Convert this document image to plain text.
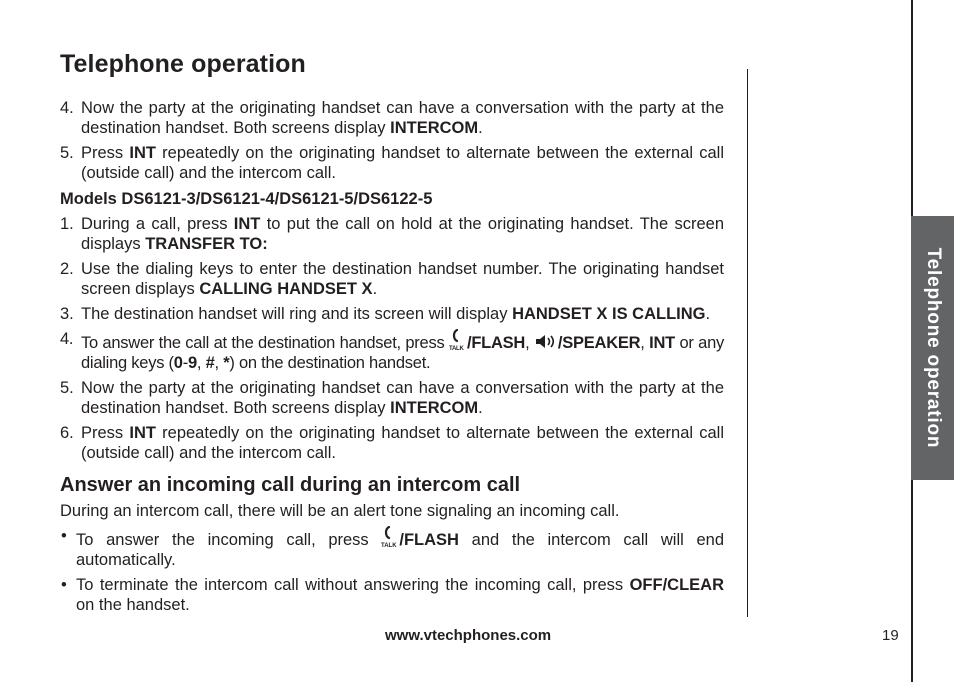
Telephone operation
4. Now the party at the originating handset can have a conversation with the party at the destination handset. Both screens display INTERCOM.
5. Press INT repeatedly on the originating handset to alternate between the external call (outside call) and the intercom call.
Models DS6121-3/DS6121-4/DS6121-5/DS6122-5
1. During a call, press INT to put the call on hold at the originating handset. The screen displays TRANSFER TO:
2. Use the dialing keys to enter the destination handset number. The originating handset screen displays CALLING HANDSET X.
3. The destination handset will ring and its screen will display HANDSET X IS CALLING.
4. To answer the call at the destination handset, press TALK /FLASH, /SPEAKER, INT or any dialing keys (0-9, #, *) on the destination handset.
5. Now the party at the originating handset can have a conversation with the party at the destination handset. Both screens display INTERCOM.
6. Press INT repeatedly on the originating handset to alternate between the external call (outside call) and the intercom call.
Answer an incoming call during an intercom call
During an intercom call, there will be an alert tone signaling an incoming call.
• To answer the incoming call, press TALK /FLASH and the intercom call will end automatically.
• To terminate the intercom call without answering the incoming call, press OFF/CLEAR on the handset.
Telephone operation
www.vtechphones.com	19
